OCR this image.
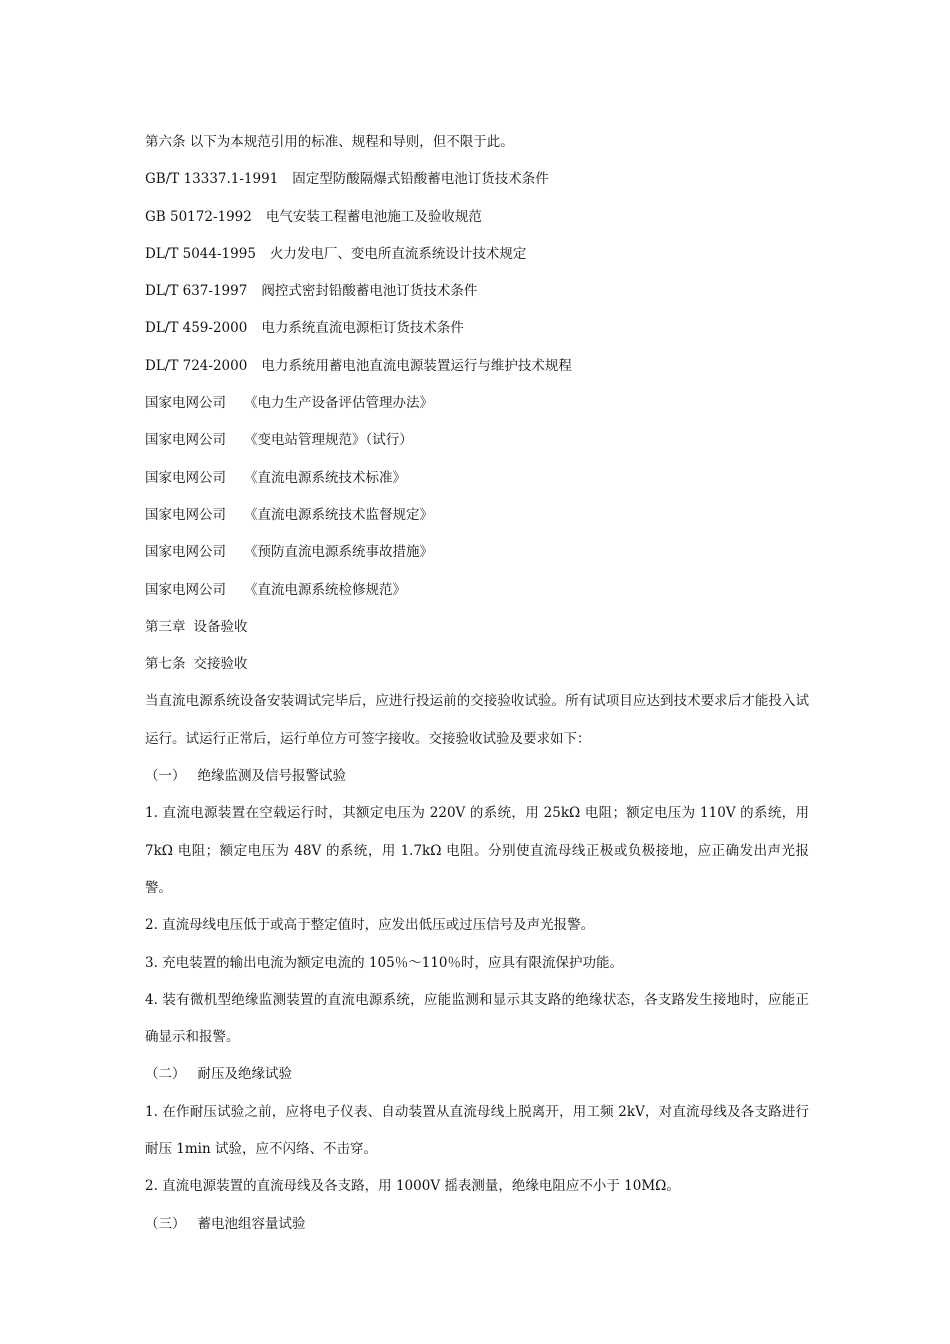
第六条 以下为本规范引用的标准、规程和导则，但不限于此。
GB/T 13337.1-1991 固定型防酸隔爆式铅酸蓄电池订货技术条件
GB 50172-1992 电气安装工程蓄电池施工及验收规范
DL/T 5044-1995 火力发电厂、变电所直流系统设计技术规定
DL/T 637-1997 阀控式密封铅酸蓄电池订货技术条件
DL/T 459-2000 电力系统直流电源柜订货技术条件
DL/T 724-2000 电力系统用蓄电池直流电源装置运行与维护技术规程
国家电网公司 《电力生产设备评估管理办法》
国家电网公司 《变电站管理规范》（试行）
国家电网公司 《直流电源系统技术标准》
国家电网公司 《直流电源系统技术监督规定》
国家电网公司 《预防直流电源系统事故措施》
国家电网公司 《直流电源系统检修规范》
第三章 设备验收
第七条 交接验收
当直流电源系统设备安装调试完毕后，应进行投运前的交接验收试验。所有试项目应达到技术要求后才能投入试运行。试运行正常后，运行单位方可签字接收。交接验收试验及要求如下：
（一） 绝缘监测及信号报警试验
1. 直流电源装置在空载运行时，其额定电压为 220V 的系统，用 25kΩ 电阻；额定电压为 110V 的系统，用 7kΩ 电阻；额定电压为 48V 的系统，用 1.7kΩ 电阻。分别使直流母线正极或负极接地，应正确发出声光报警。
2. 直流母线电压低于或高于整定值时，应发出低压或过压信号及声光报警。
3. 充电装置的输出电流为额定电流的 105％～110％时，应具有限流保护功能。
4. 装有微机型绝缘监测装置的直流电源系统，应能监测和显示其支路的绝缘状态，各支路发生接地时，应能正确显示和报警。
（二） 耐压及绝缘试验
1. 在作耐压试验之前，应将电子仪表、自动装置从直流母线上脱离开，用工频 2kV，对直流母线及各支路进行耐压 1min 试验，应不闪络、不击穿。
2. 直流电源装置的直流母线及各支路，用 1000V 摇表测量，绝缘电阻应不小于 10MΩ。
（三） 蓄电池组容量试验
